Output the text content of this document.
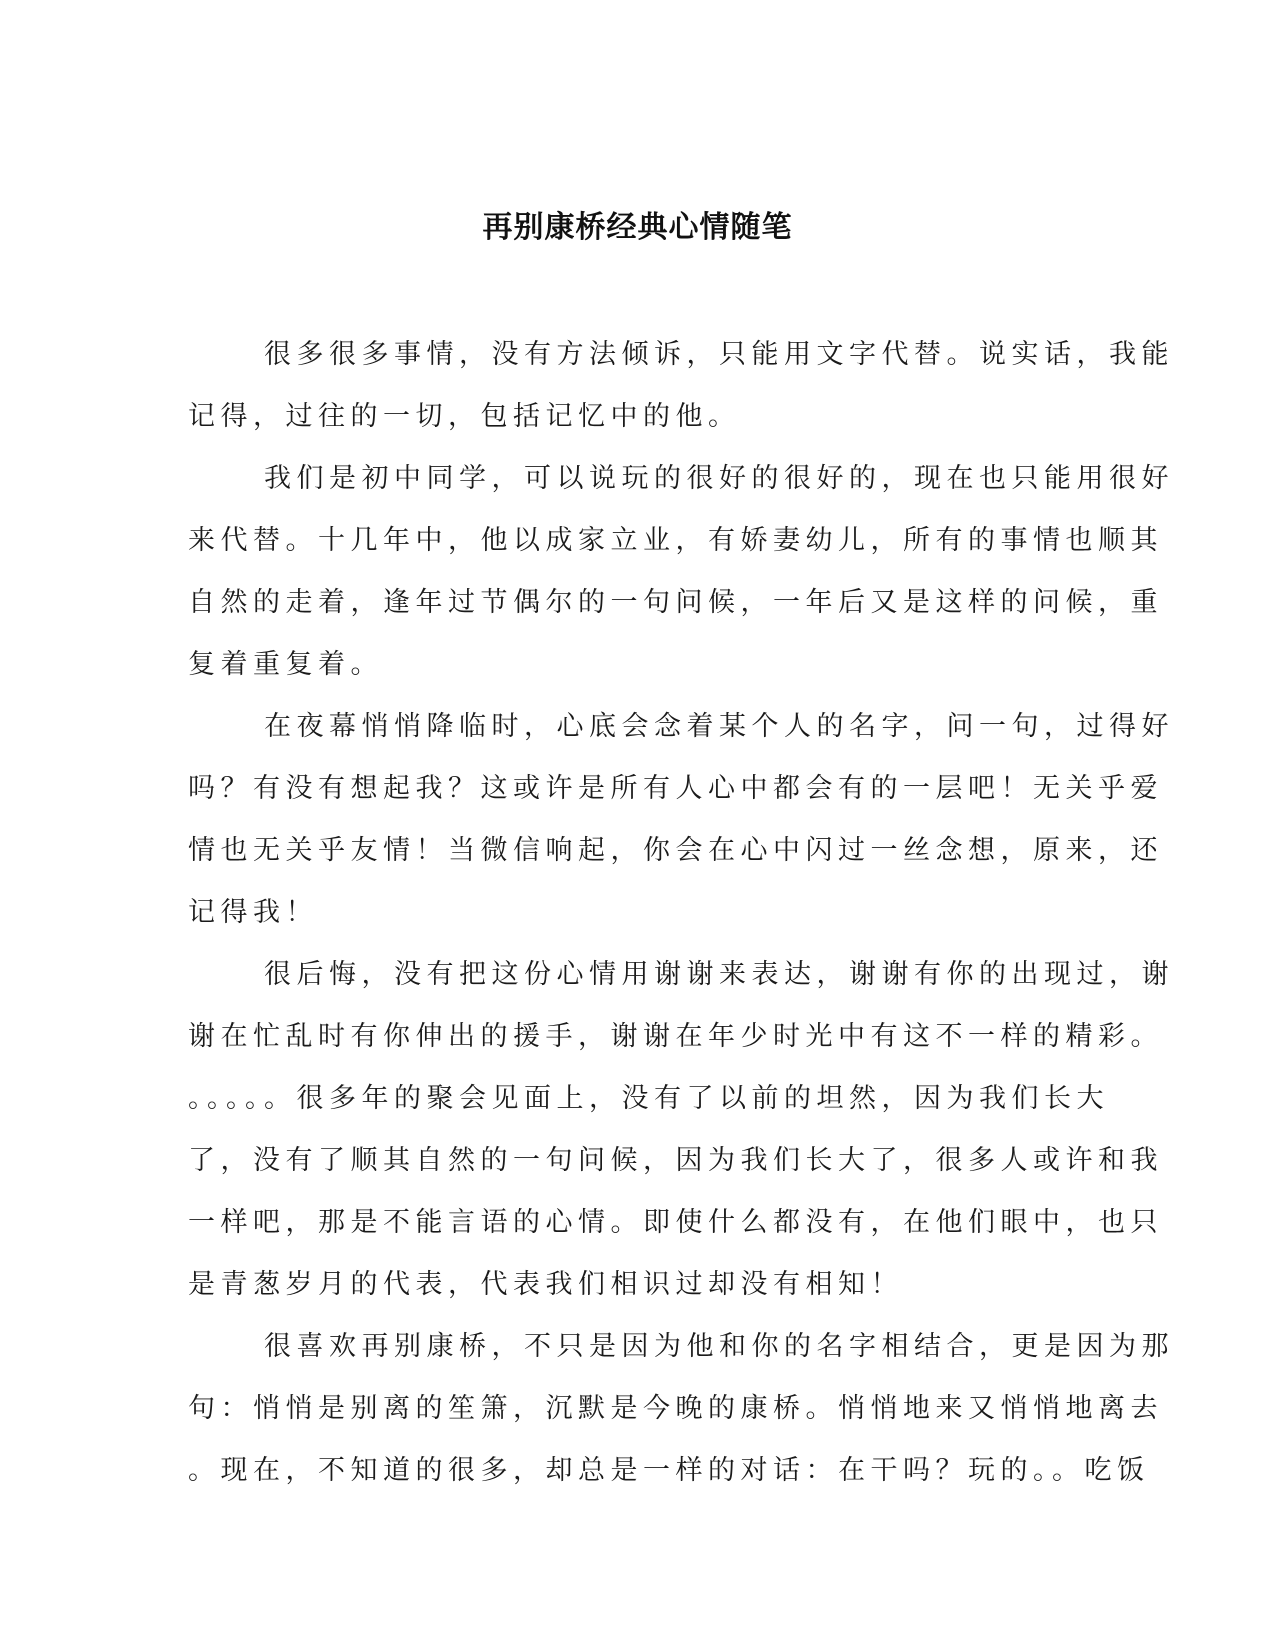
再别康桥经典心情随笔
很多很多事情，没有方法倾诉，只能用文字代替。说实话，我能
记得，过往的一切，包括记忆中的他。
我们是初中同学，可以说玩的很好的很好的，现在也只能用很好
来代替。十几年中，他以成家立业，有娇妻幼儿，所有的事情也顺其
自然的走着，逢年过节偶尔的一句问候，一年后又是这样的问候，重
复着重复着。
在夜幕悄悄降临时，心底会念着某个人的名字，问一句，过得好
吗？有没有想起我？这或许是所有人心中都会有的一层吧！无关乎爱
情也无关乎友情！当微信响起，你会在心中闪过一丝念想，原来，还
记得我！
很后悔，没有把这份心情用谢谢来表达，谢谢有你的出现过，谢
谢在忙乱时有你伸出的援手，谢谢在年少时光中有这不一样的精彩。
。。。。。很多年的聚会见面上，没有了以前的坦然，因为我们长大
了，没有了顺其自然的一句问候，因为我们长大了，很多人或许和我
一样吧，那是不能言语的心情。即使什么都没有，在他们眼中，也只
是青葱岁月的代表，代表我们相识过却没有相知！
很喜欢再别康桥，不只是因为他和你的名字相结合，更是因为那
句：悄悄是别离的笙箫，沉默是今晚的康桥。悄悄地来又悄悄地离去
。现在，不知道的很多，却总是一样的对话：在干吗？玩的。。吃饭
